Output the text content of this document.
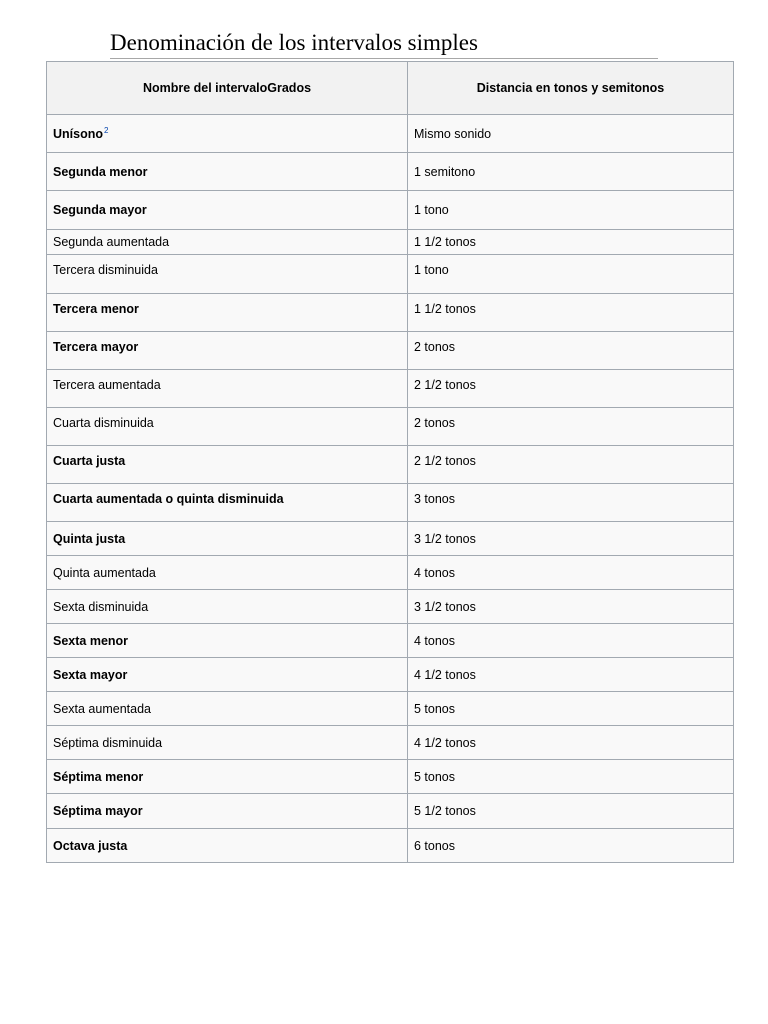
Denominación de los intervalos simples
Nombre del intervaloGrados	Distancia en tonos y semitonos
Unísono$^2$	Mismo sonido
Segunda menor	1 semitono
Segunda mayor	1 tono
Segunda aumentada	1 1/2 tonos
Tercera disminuida	1 tono
Tercera menor	1 1/2 tonos
Tercera mayor	2 tonos
Tercera aumentada	2 1/2 tonos
Cuarta disminuida	2 tonos
Cuarta justa	2 1/2 tonos
Cuarta aumentada o quinta disminuida	3 tonos
Quinta justa	3 1/2 tonos
Quinta aumentada	4 tonos
Sexta disminuida	3 1/2 tonos
Sexta menor	4 tonos
Sexta mayor	4 1/2 tonos
Sexta aumentada	5 tonos
Séptima disminuida	4 1/2 tonos
Séptima menor	5 tonos
Séptima mayor	5 1/2 tonos
Octava justa	6 tonos
